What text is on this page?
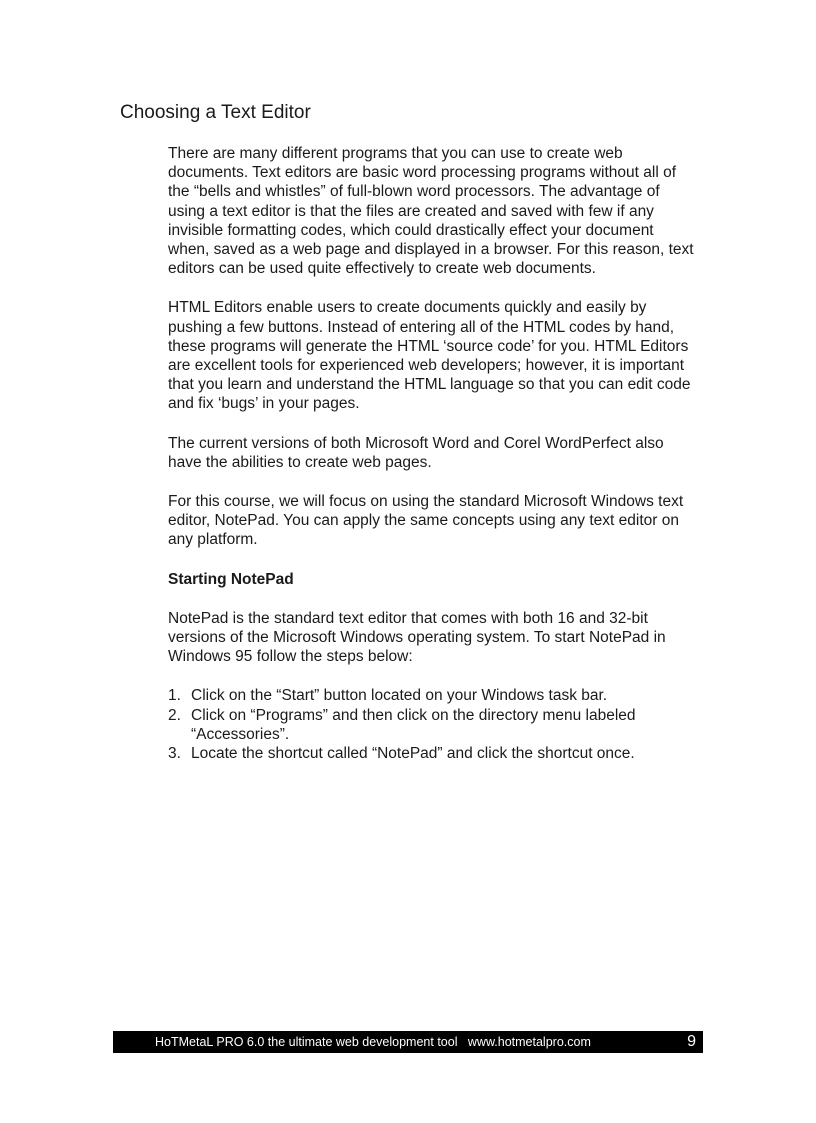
Choosing a Text Editor

There are many different programs that you can use to create web documents. Text editors are basic word processing programs without all of the “bells and whistles” of full-blown word processors. The advantage of using a text editor is that the files are created and saved with few if any invisible formatting codes, which could drastically effect your document when, saved as a web page and displayed in a browser. For this reason, text editors can be used quite effectively to create web documents.

HTML Editors enable users to create documents quickly and easily by pushing a few buttons. Instead of entering all of the HTML codes by hand, these programs will generate the HTML ‘source code’ for you. HTML Editors are excellent tools for experienced web developers; however, it is important that you learn and understand the HTML language so that you can edit code and fix ‘bugs’ in your pages.

The current versions of both Microsoft Word and Corel WordPerfect also have the abilities to create web pages.

For this course, we will focus on using the standard Microsoft Windows text editor, NotePad. You can apply the same concepts using any text editor on any platform.

Starting NotePad

NotePad is the standard text editor that comes with both 16 and 32-bit versions of the Microsoft Windows operating system. To start NotePad in Windows 95 follow the steps below:

1. Click on the “Start” button located on your Windows task bar.
2. Click on “Programs” and then click on the directory menu labeled “Accessories”.
3. Locate the shortcut called “NotePad” and click the shortcut once.
HoTMetaL PRO 6.0 the ultimate web development tool   www.hotmetalpro.com	9
